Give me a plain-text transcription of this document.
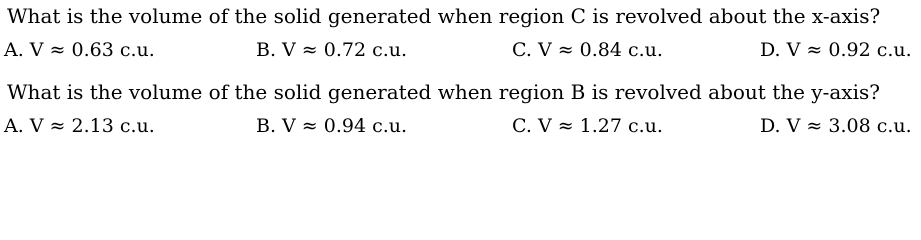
What is the volume of the solid generated when region C is revolved about the x-axis?
A. V ≈ 0.63 c.u.	B. V ≈ 0.72 c.u.	C. V ≈ 0.84 c.u.	D. V ≈ 0.92 c.u.
What is the volume of the solid generated when region B is revolved about the y-axis?
A. V ≈ 2.13 c.u.	B. V ≈ 0.94 c.u.	C. V ≈ 1.27 c.u.	D. V ≈ 3.08 c.u.
